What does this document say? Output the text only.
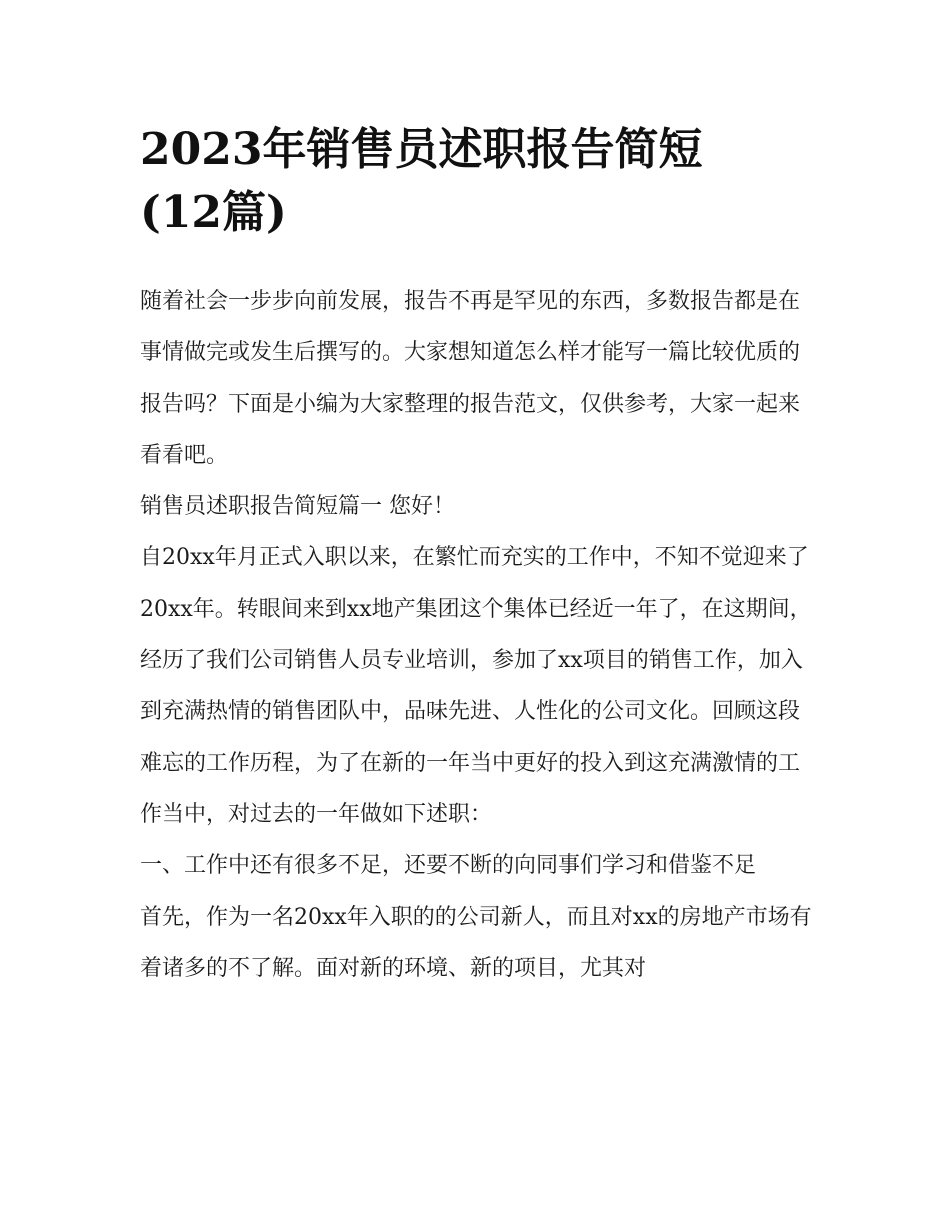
2023年销售员述职报告简短
(12篇)

随着社会一步步向前发展，报告不再是罕见的东西，多数报告都是在事情做完或发生后撰写的。大家想知道怎么样才能写一篇比较优质的报告吗？下面是小编为大家整理的报告范文，仅供参考，大家一起来看看吧。

销售员述职报告简短篇一 您好！

自20xx年月正式入职以来，在繁忙而充实的工作中，不知不觉迎来了20xx年。转眼间来到xx地产集团这个集体已经近一年了，在这期间，经历了我们公司销售人员专业培训，参加了xx项目的销售工作，加入到充满热情的销售团队中，品味先进、人性化的公司文化。回顾这段难忘的工作历程，为了在新的一年当中更好的投入到这充满激情的工作当中，对过去的一年做如下述职：

一、工作中还有很多不足，还要不断的向同事们学习和借鉴不足

首先，作为一名20xx年入职的的公司新人，而且对xx的房地产市场有着诸多的不了解。面对新的环境、新的项目，尤其对
